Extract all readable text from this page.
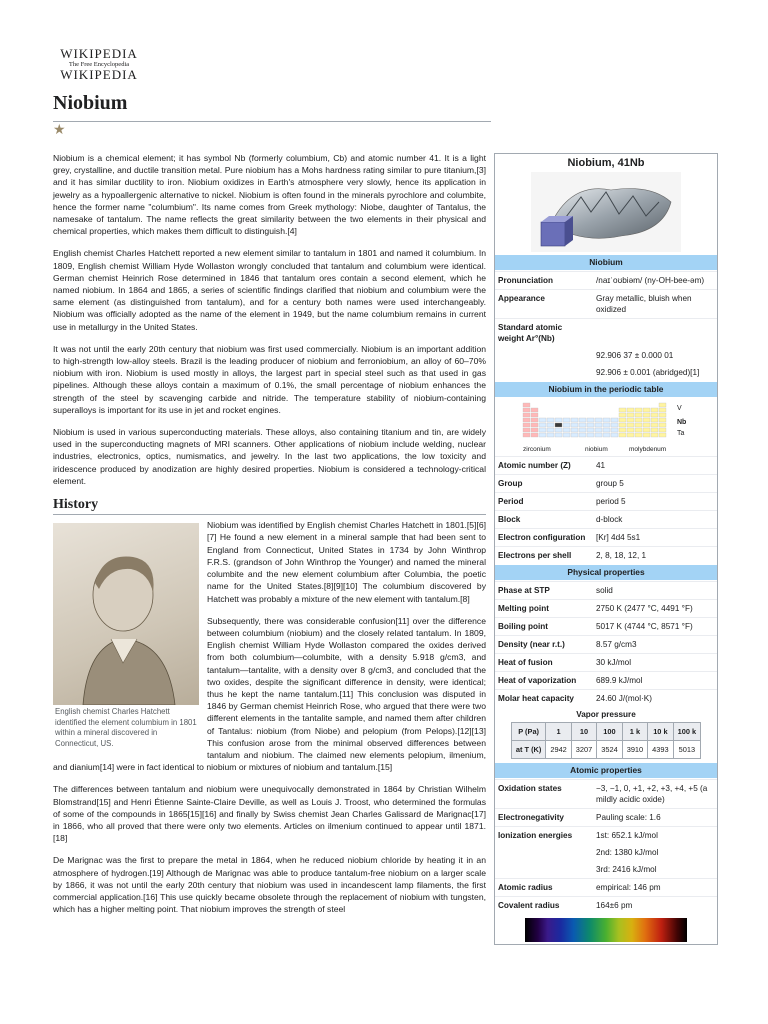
WIKIPEDIA
The Free Encyclopedia
WIKIPEDIA
Niobium
★

Niobium is a chemical element; it has symbol Nb (formerly columbium, Cb) and atomic number 41. It is a light grey, crystalline, and ductile transition metal. Pure niobium has a Mohs hardness rating similar to pure titanium,[3] and it has similar ductility to iron. Niobium oxidizes in Earth's atmosphere very slowly, hence its application in jewelry as a hypoallergenic alternative to nickel. Niobium is often found in the minerals pyrochlore and columbite, hence the former name "columbium". Its name comes from Greek mythology: Niobe, daughter of Tantalus, the namesake of tantalum. The name reflects the great similarity between the two elements in their physical and chemical properties, which makes them difficult to distinguish.[4]

English chemist Charles Hatchett reported a new element similar to tantalum in 1801 and named it columbium. In 1809, English chemist William Hyde Wollaston wrongly concluded that tantalum and columbium were identical. German chemist Heinrich Rose determined in 1846 that tantalum ores contain a second element, which he named niobium. In 1864 and 1865, a series of scientific findings clarified that niobium and columbium were the same element (as distinguished from tantalum), and for a century both names were used interchangeably. Niobium was officially adopted as the name of the element in 1949, but the name columbium remains in current use in metallurgy in the United States.

It was not until the early 20th century that niobium was first used commercially. Niobium is an important addition to high-strength low-alloy steels. Brazil is the leading producer of niobium and ferroniobium, an alloy of 60–70% niobium with iron. Niobium is used mostly in alloys, the largest part in special steel such as that used in gas pipelines. Although these alloys contain a maximum of 0.1%, the small percentage of niobium enhances the strength of the steel by scavenging carbide and nitride. The temperature stability of niobium-containing superalloys is important for its use in jet and rocket engines.

Niobium is used in various superconducting materials. These alloys, also containing titanium and tin, are widely used in the superconducting magnets of MRI scanners. Other applications of niobium include welding, nuclear industries, electronics, optics, numismatics, and jewelry. In the last two applications, the low toxicity and iridescence produced by anodization are highly desired properties. Niobium is considered a technology-critical element.

History
English chemist Charles Hatchett identified the element columbium in 1801 within a mineral discovered in Connecticut, US.

Niobium was identified by English chemist Charles Hatchett in 1801.[5][6][7] He found a new element in a mineral sample that had been sent to England from Connecticut, United States in 1734 by John Winthrop F.R.S. (grandson of John Winthrop the Younger) and named the mineral columbite and the new element columbium after Columbia, the poetic name for the United States.[8][9][10] The columbium discovered by Hatchett was probably a mixture of the new element with tantalum.[8]

Subsequently, there was considerable confusion[11] over the difference between columbium (niobium) and the closely related tantalum. In 1809, English chemist William Hyde Wollaston compared the oxides derived from both columbium—columbite, with a density 5.918 g/cm3, and tantalum—tantalite, with a density over 8 g/cm3, and concluded that the two oxides, despite the significant difference in density, were identical; thus he kept the name tantalum.[11] This conclusion was disputed in 1846 by German chemist Heinrich Rose, who argued that there were two different elements in the tantalite sample, and named them after children of Tantalus: niobium (from Niobe) and pelopium (from Pelops).[12][13] This confusion arose from the minimal observed differences between tantalum and niobium. The claimed new elements pelopium, ilmenium, and dianium[14] were in fact identical to niobium or mixtures of niobium and tantalum.[15]

The differences between tantalum and niobium were unequivocally demonstrated in 1864 by Christian Wilhelm Blomstrand[15] and Henri Étienne Sainte-Claire Deville, as well as Louis J. Troost, who determined the formulas of some of the compounds in 1865[15][16] and finally by Swiss chemist Jean Charles Galissard de Marignac[17] in 1866, who all proved that there were only two elements. Articles on ilmenium continued to appear until 1871.[18]

De Marignac was the first to prepare the metal in 1864, when he reduced niobium chloride by heating it in an atmosphere of hydrogen.[19] Although de Marignac was able to produce tantalum-free niobium on a larger scale by 1866, it was not until the early 20th century that niobium was used in incandescent lamp filaments, the first commercial application.[16] This use quickly became obsolete through the replacement of niobium with tungsten, which has a higher melting point. That niobium improves the strength of steel

Niobium, 41Nb
Niobium
Pronunciation	/naɪˈoʊbiəm/ (ny-OH-bee-əm)
Appearance	Gray metallic, bluish when oxidized
Standard atomic weight Ar°(Nb)
92.906 37 ± 0.000 01
92.906 ± 0.001 (abridged)[1]
Niobium in the periodic table
V
Nb
Ta
zirconium	niobium	molybdenum
Atomic number (Z)	41
Group	group 5
Period	period 5
Block	d-block
Electron configuration	[Kr] 4d4 5s1
Electrons per shell	2, 8, 18, 12, 1
Physical properties
Phase at STP	solid
Melting point	2750 K (2477 °C, 4491 °F)
Boiling point	5017 K (4744 °C, 8571 °F)
Density (near r.t.)	8.57 g/cm3
Heat of fusion	30 kJ/mol
Heat of vaporization	689.9 kJ/mol
Molar heat capacity	24.60 J/(mol·K)
Vapor pressure
P (Pa)	1	10	100	1 k	10 k	100 k
at T (K)	2942	3207	3524	3910	4393	5013
Atomic properties
Oxidation states	−3, −1, 0, +1, +2, +3, +4, +5 (a mildly acidic oxide)
Electronegativity	Pauling scale: 1.6
Ionization energies	1st: 652.1 kJ/mol
2nd: 1380 kJ/mol
3rd: 2416 kJ/mol
Atomic radius	empirical: 146 pm
Covalent radius	164±6 pm
